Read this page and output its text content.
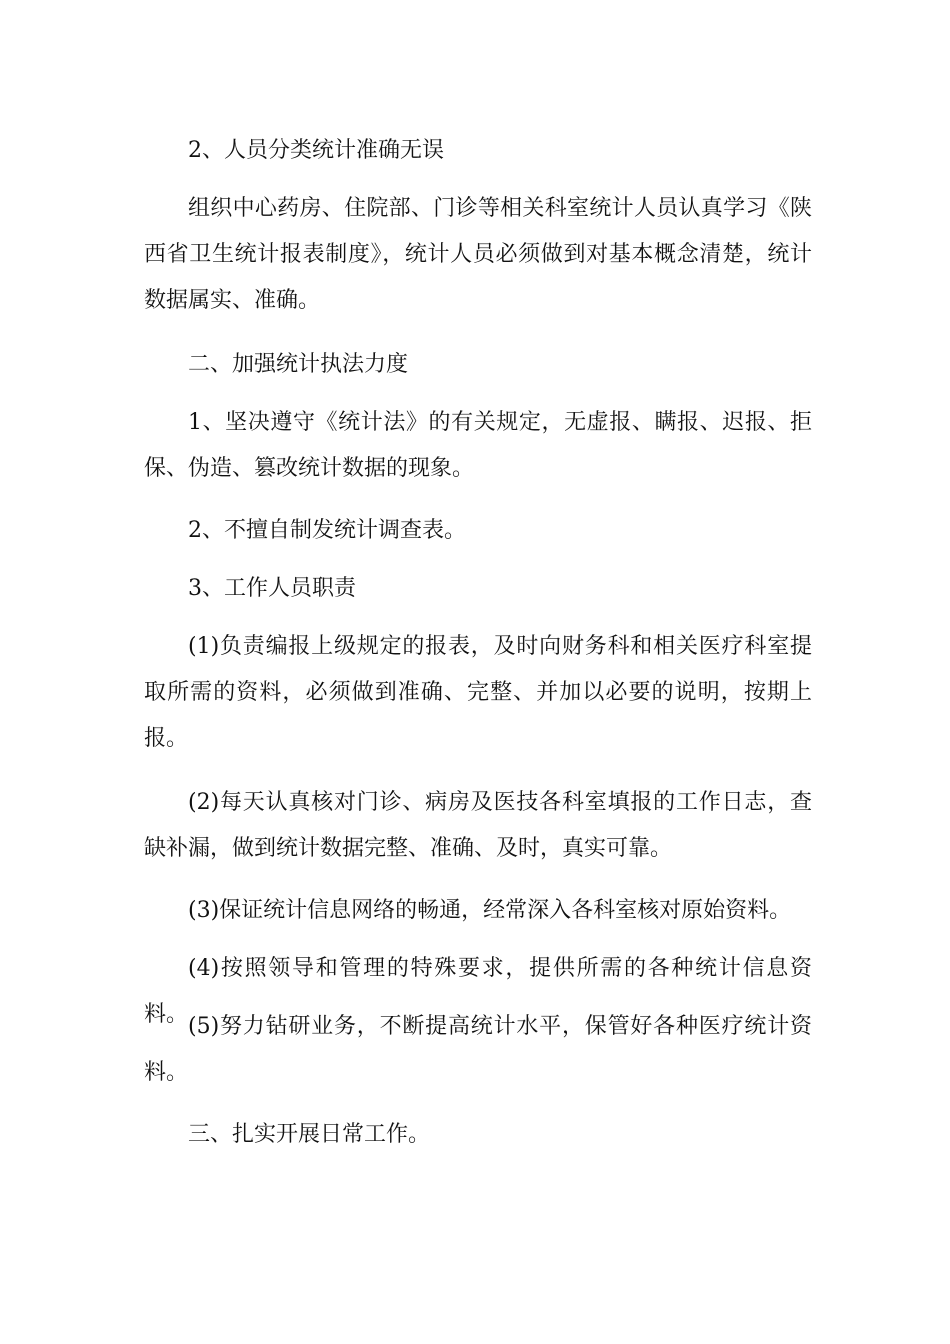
2、人员分类统计准确无误

组织中心药房、住院部、门诊等相关科室统计人员认真学习《陕西省卫生统计报表制度》，统计人员必须做到对基本概念清楚，统计数据属实、准确。

二、加强统计执法力度

1、坚决遵守《统计法》的有关规定，无虚报、瞒报、迟报、拒保、伪造、篡改统计数据的现象。

2、不擅自制发统计调查表。

3、工作人员职责

(1)负责编报上级规定的报表，及时向财务科和相关医疗科室提取所需的资料，必须做到准确、完整、并加以必要的说明，按期上报。

(2)每天认真核对门诊、病房及医技各科室填报的工作日志，查缺补漏，做到统计数据完整、准确、及时，真实可靠。

(3)保证统计信息网络的畅通，经常深入各科室核对原始资料。

(4)按照领导和管理的特殊要求，提供所需的各种统计信息资料。 (5)努力钻研业务，不断提高统计水平，保管好各种医疗统计资料。

三、扎实开展日常工作。
